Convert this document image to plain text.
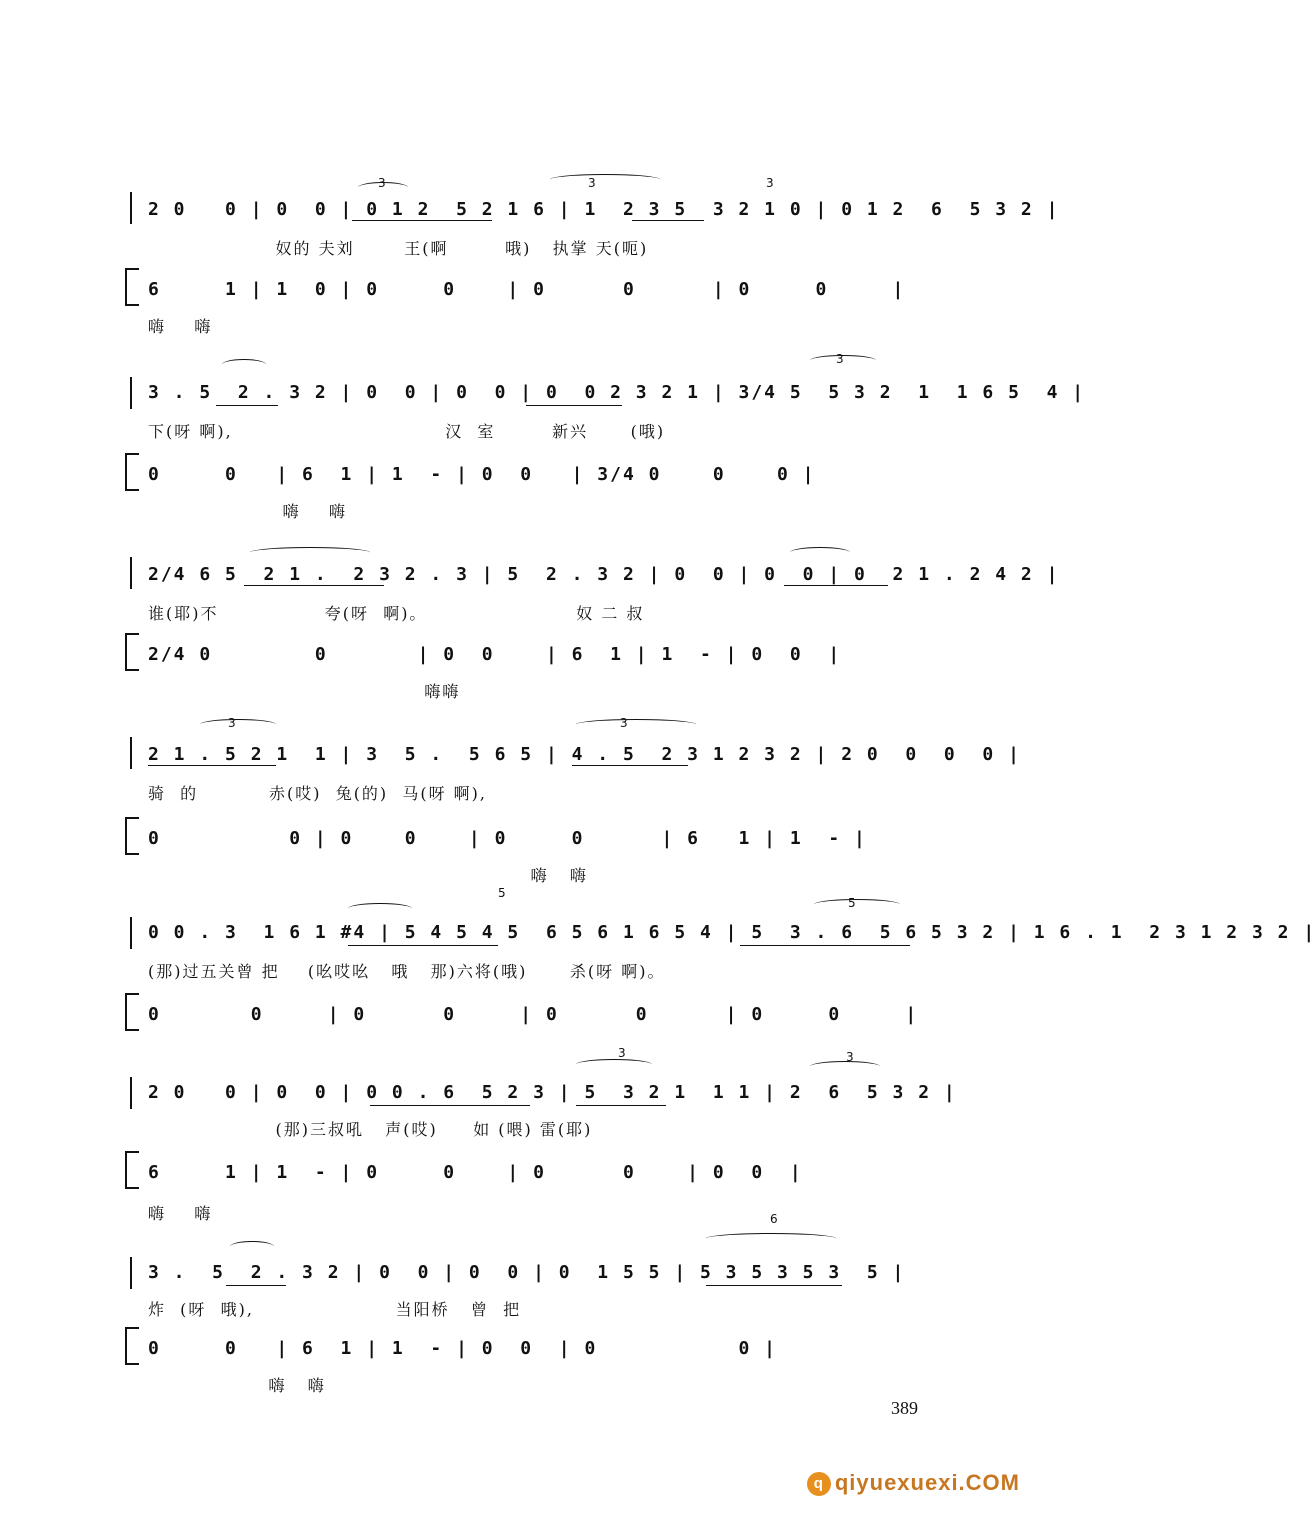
2 0   0 | 0  0 | 0 1 2  5 2 1 6 | 1  2 3 5  3 2 1 0 | 0 1 2  6  5 3 2 |
奴的 夫刘       王(啊        哦)   执掌 天(呃)
6     1 | 1  0 | 0     0    | 0      0      | 0     0     |
嗨    嗨
3 . 5  2 . 3 2 | 0  0 | 0  0 | 0  0 2 3 2 1 | 3/4 5  5 3 2  1  1 6 5  4 |
下(呀 啊),                              汉  室        新兴      (哦)
0     0   | 6  1 | 1  - | 0  0   | 3/4 0    0    0 |
嗨    嗨
2/4 6 5  2 1 .  2 3 2 . 3 | 5  2 . 3 2 | 0  0 | 0  0 | 0  2 1 . 2 4 2 |
谁(耶)不               夸(呀  啊)。                     奴 二 叔
2/4 0        0       | 0  0    | 6  1 | 1  - | 0  0  |
嗨嗨
2 1 . 5 2 1  1 | 3  5 .  5 6 5 | 4 . 5  2 3 1 2 3 2 | 2 0  0  0  0 |
骑  的          赤(哎)  兔(的)  马(呀 啊),
0          0 | 0    0    | 0     0      | 6   1 | 1  - |
嗨   嗨
0 0 . 3  1 6 1 #4 | 5 4 5 4 5  6 5 6 1 6 5 4 | 5  3 . 6  5 6 5 3 2 | 1 6 . 1  2 3 1 2 3 2 |
(那)过五关曾 把    (吆哎吆   哦   那)六将(哦)      杀(呀 啊)。
0       0     | 0      0     | 0      0      | 0     0     |
2 0   0 | 0  0 | 0 0 . 6  5 2 3 | 5  3 2 1  1 1 | 2  6  5 3 2 |
(那)三叔吼   声(哎)     如 (喂) 雷(耶)
6     1 | 1  - | 0     0    | 0      0    | 0  0  |
嗨    嗨
3 .  5  2 . 3 2 | 0  0 | 0  0 | 0  1 5 5 | 5 3 5 3 5 3  5 |
炸  (呀  哦),                    当阳桥   曾  把
0     0   | 6  1 | 1  - | 0  0  | 0           0 |
嗨   嗨
3	3	3
3
3	3
5
5
3	3
6
389
q qiyuexuexi.COM
